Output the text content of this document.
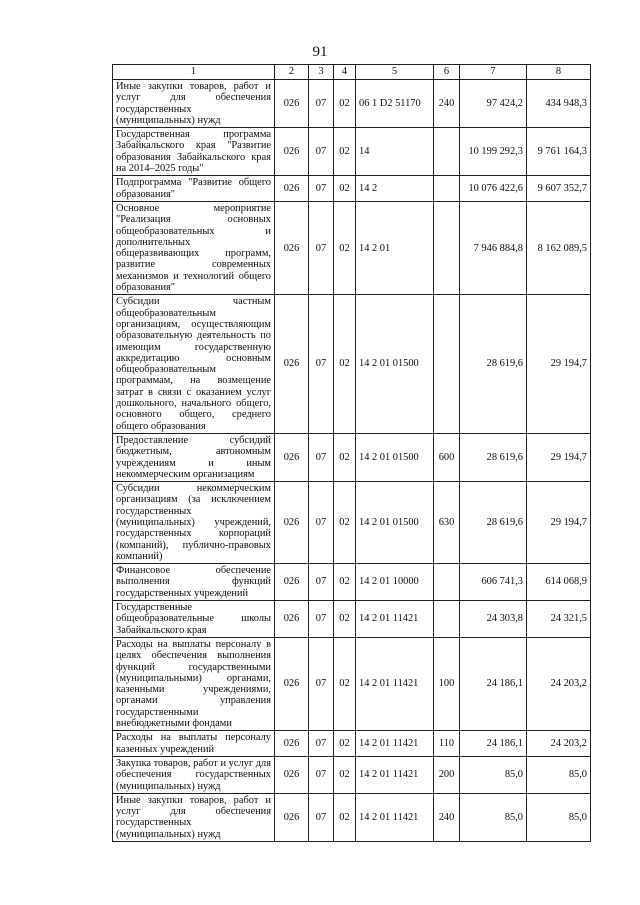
91
1	2	3	4	5	6	7	8
Иные закупки товаров, работ и услуг для обеспечения государственных (муниципальных) нужд	026	07	02	06 1 D2 51170	240	97 424,2	434 948,3
Государственная программа Забайкальского края "Развитие образования Забайкальского края на 2014–2025 годы"	026	07	02	14		10 199 292,3	9 761 164,3
Подпрограмма "Развитие общего образования"	026	07	02	14 2		10 076 422,6	9 607 352,7
Основное мероприятие "Реализация основных общеобразовательных и дополнительных общеразвивающих программ, развитие современных механизмов и технологий общего образования"	026	07	02	14 2 01		7 946 884,8	8 162 089,5
Субсидии частным общеобразовательным организациям, осуществляющим образовательную деятельность по имеющим государственную аккредитацию основным общеобразовательным программам, на возмещение затрат в связи с оказанием услуг дошкольного, начального общего, основного общего, среднего общего образования	026	07	02	14 2 01 01500		28 619,6	29 194,7
Предоставление субсидий бюджетным, автономным учреждениям и иным некоммерческим организациям	026	07	02	14 2 01 01500	600	28 619,6	29 194,7
Субсидии некоммерческим организациям (за исключением государственных (муниципальных) учреждений, государственных корпораций (компаний), публично-правовых компаний)	026	07	02	14 2 01 01500	630	28 619,6	29 194,7
Финансовое обеспечение выполнения функций государственных учреждений	026	07	02	14 2 01 10000		606 741,3	614 068,9
Государственные общеобразовательные школы Забайкальского края	026	07	02	14 2 01 11421		24 303,8	24 321,5
Расходы на выплаты персоналу в целях обеспечения выполнения функций государственными (муниципальными) органами, казенными учреждениями, органами управления государственными внебюджетными фондами	026	07	02	14 2 01 11421	100	24 186,1	24 203,2
Расходы на выплаты персоналу казенных учреждений	026	07	02	14 2 01 11421	110	24 186,1	24 203,2
Закупка товаров, работ и услуг для обеспечения государственных (муниципальных) нужд	026	07	02	14 2 01 11421	200	85,0	85,0
Иные закупки товаров, работ и услуг для обеспечения государственных (муниципальных) нужд	026	07	02	14 2 01 11421	240	85,0	85,0
